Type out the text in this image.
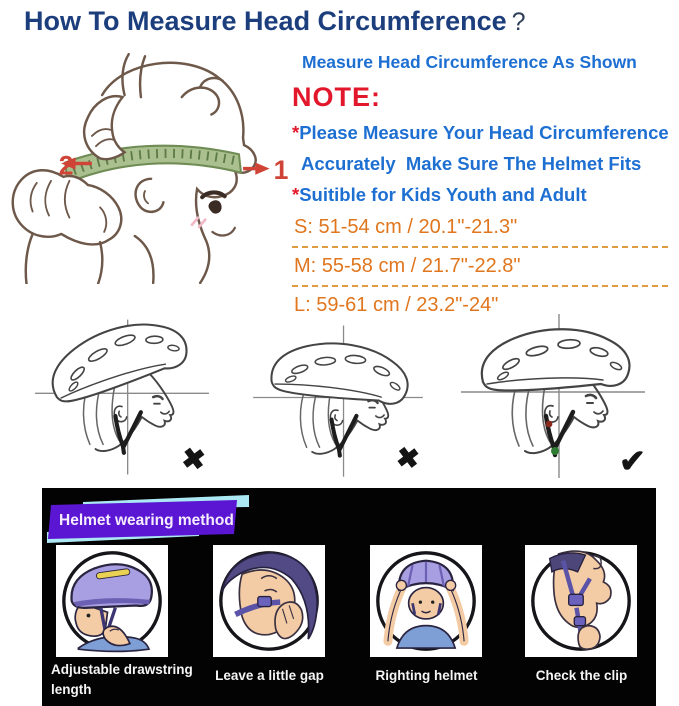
How To Measure Head Circumference ?
2	1
Measure Head Circumference As Shown
NOTE:
*Please Measure Your Head Circumference
Accurately  Make Sure The Helmet Fits
*Suitible for Kids Youth and Adult
S: 51-54 cm / 20.1"-21.3"
M: 55-58 cm / 21.7"-22.8"
L: 59-61 cm / 23.2"-24"
✖	✖	✔
Helmet wearing method
Adjustable drawstring length
Leave a little gap	Righting helmet	Check the clip
